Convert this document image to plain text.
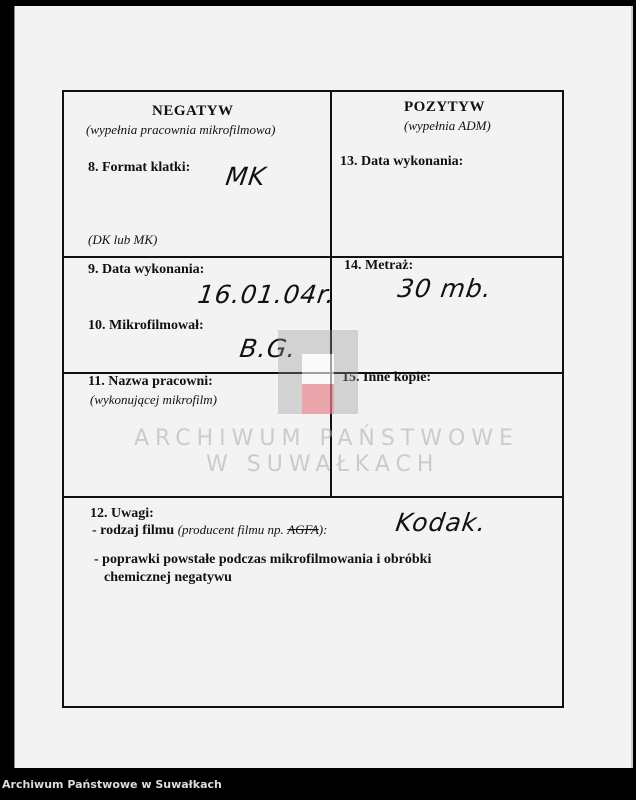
NEGATYW
(wypełnia pracownia mikrofilmowa)
POZYTYW
(wypełnia ADM)
8. Format klatki: MK
(DK lub MK)
13. Data wykonania:
9. Data wykonania:
16.01.04r.
10. Mikrofilmował:
B.G.
14. Metraż:
30 mb.
11. Nazwa pracowni:
(wykonującej mikrofilm)
15. Inne kopie:
12. Uwagi:
- rodzaj filmu (producent filmu np. AGFA):	Kodak.
- poprawki powstałe podczas mikrofilmowania i obróbki
chemicznej negatywu
ARCHIWUM PAŃSTWOWE
W SUWAŁKACH
Archiwum Państwowe w Suwałkach
